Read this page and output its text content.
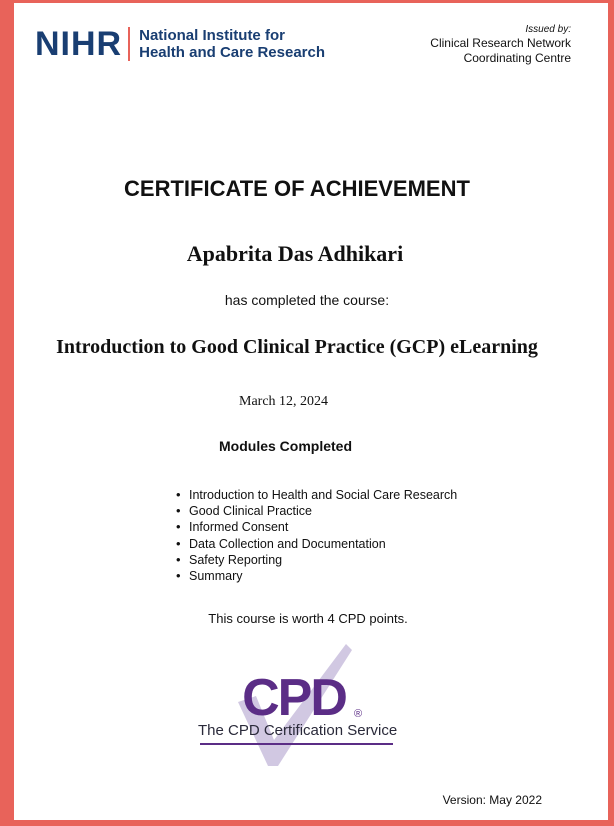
NIHR National Institute for
Health and Care Research
Issued by:
Clinical Research Network
Coordinating Centre
CERTIFICATE OF ACHIEVEMENT
Apabrita Das Adhikari
has completed the course:
Introduction to Good Clinical Practice (GCP) eLearning
March 12, 2024
Modules Completed
• Introduction to Health and Social Care Research
• Good Clinical Practice
• Informed Consent
• Data Collection and Documentation
• Safety Reporting
• Summary
This course is worth 4 CPD points.
CPD ®
The CPD Certification Service
Version: May 2022
